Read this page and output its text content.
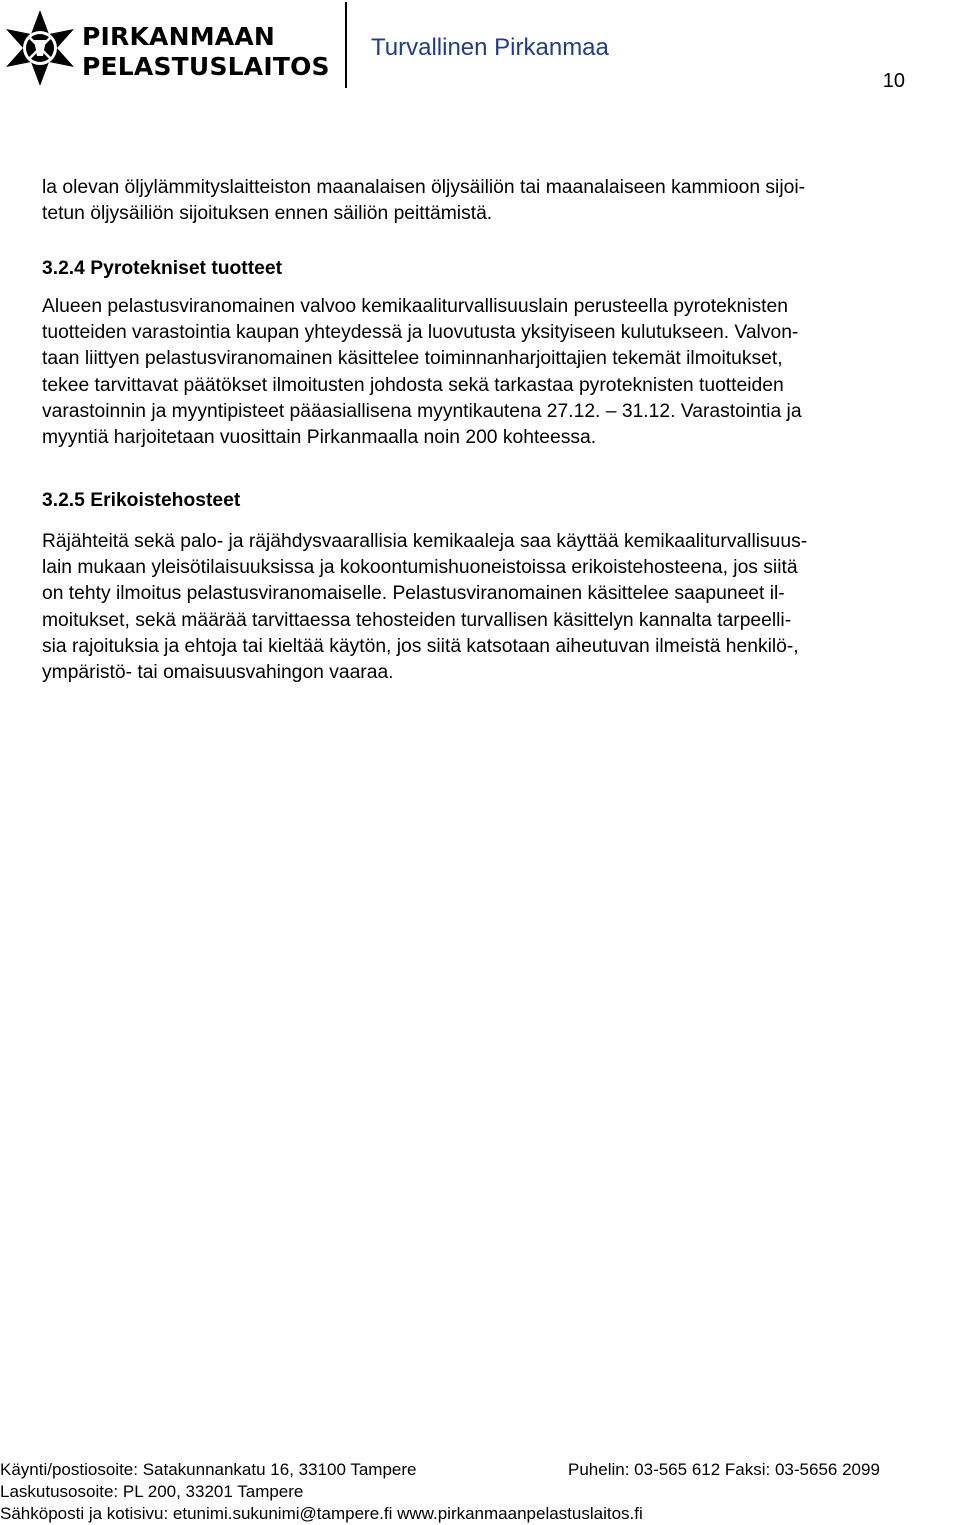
PIRKANMAAN
PELASTUSLAITOS
Turvallinen Pirkanmaa
10
la olevan öljylämmityslaitteiston maanalaisen öljysäiliön tai maanalaiseen kammioon sijoi-
tetun öljysäiliön sijoituksen ennen säiliön peittämistä.
3.2.4 Pyrotekniset tuotteet
Alueen pelastusviranomainen valvoo kemikaaliturvallisuuslain perusteella pyroteknisten
tuotteiden varastointia kaupan yhteydessä ja luovutusta yksityiseen kulutukseen. Valvon-
taan liittyen pelastusviranomainen käsittelee toiminnanharjoittajien tekemät ilmoitukset,
tekee tarvittavat päätökset ilmoitusten johdosta sekä tarkastaa pyroteknisten tuotteiden
varastoinnin ja myyntipisteet pääasiallisena myyntikautena 27.12. – 31.12. Varastointia ja
myyntiä harjoitetaan vuosittain Pirkanmaalla noin 200 kohteessa.
3.2.5 Erikoistehosteet
Räjähteitä sekä palo- ja räjähdysvaarallisia kemikaaleja saa käyttää kemikaaliturvallisuus-
lain mukaan yleisötilaisuuksissa ja kokoontumishuoneistoissa erikoistehosteena, jos siitä
on tehty ilmoitus pelastusviranomaiselle. Pelastusviranomainen käsittelee saapuneet il-
moitukset, sekä määrää tarvittaessa tehosteiden turvallisen käsittelyn kannalta tarpeelli-
sia rajoituksia ja ehtoja tai kieltää käytön, jos siitä katsotaan aiheutuvan ilmeistä henkilö-,
ympäristö- tai omaisuusvahingon vaaraa.
Käynti/postiosoite: Satakunnankatu 16, 33100 Tampere	Puhelin: 03-565 612 Faksi: 03-5656 2099
Laskutusosoite: PL 200, 33201 Tampere
Sähköposti ja kotisivu: etunimi.sukunimi@tampere.fi www.pirkanmaanpelastuslaitos.fi
